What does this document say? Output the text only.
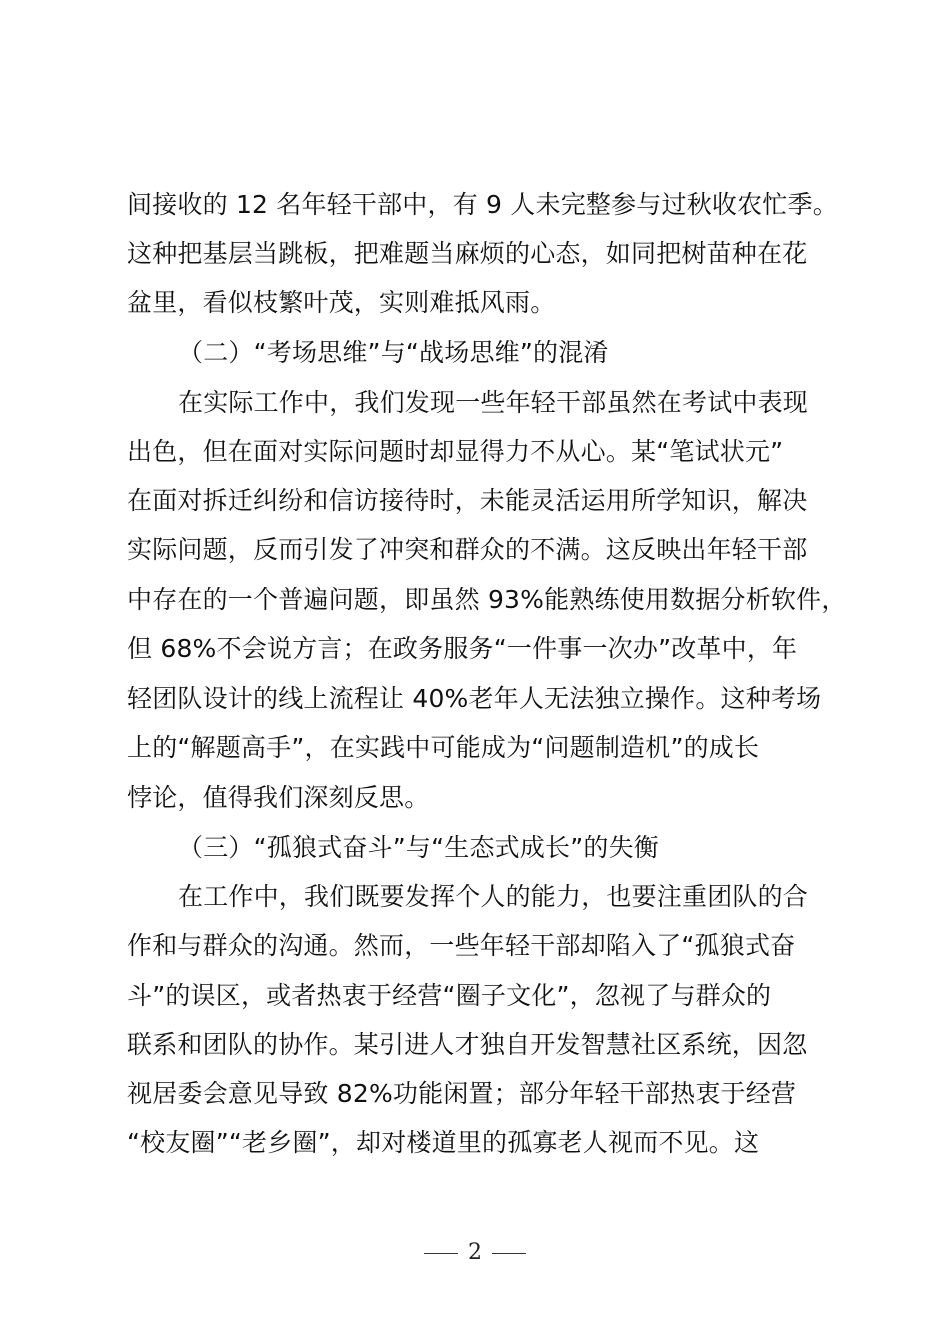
间接收的 12 名年轻干部中，有 9 人未完整参与过秋收农忙季。
这种把基层当跳板，把难题当麻烦的心态，如同把树苗种在花
盆里，看似枝繁叶茂，实则难抵风雨。
（二）“考场思维”与“战场思维”的混淆
在实际工作中，我们发现一些年轻干部虽然在考试中表现
出色，但在面对实际问题时却显得力不从心。某“笔试状元”
在面对拆迁纠纷和信访接待时，未能灵活运用所学知识，解决
实际问题，反而引发了冲突和群众的不满。这反映出年轻干部
中存在的一个普遍问题，即虽然 93%能熟练使用数据分析软件，
但 68%不会说方言；在政务服务“一件事一次办”改革中，年
轻团队设计的线上流程让 40%老年人无法独立操作。这种考场
上的“解题高手”，在实践中可能成为“问题制造机”的成长
悖论，值得我们深刻反思。
（三）“孤狼式奋斗”与“生态式成长”的失衡
在工作中，我们既要发挥个人的能力，也要注重团队的合
作和与群众的沟通。然而，一些年轻干部却陷入了“孤狼式奋
斗”的误区，或者热衷于经营“圈子文化”，忽视了与群众的
联系和团队的协作。某引进人才独自开发智慧社区系统，因忽
视居委会意见导致 82%功能闲置；部分年轻干部热衷于经营
“校友圈”“老乡圈”，却对楼道里的孤寡老人视而不见。这
2
